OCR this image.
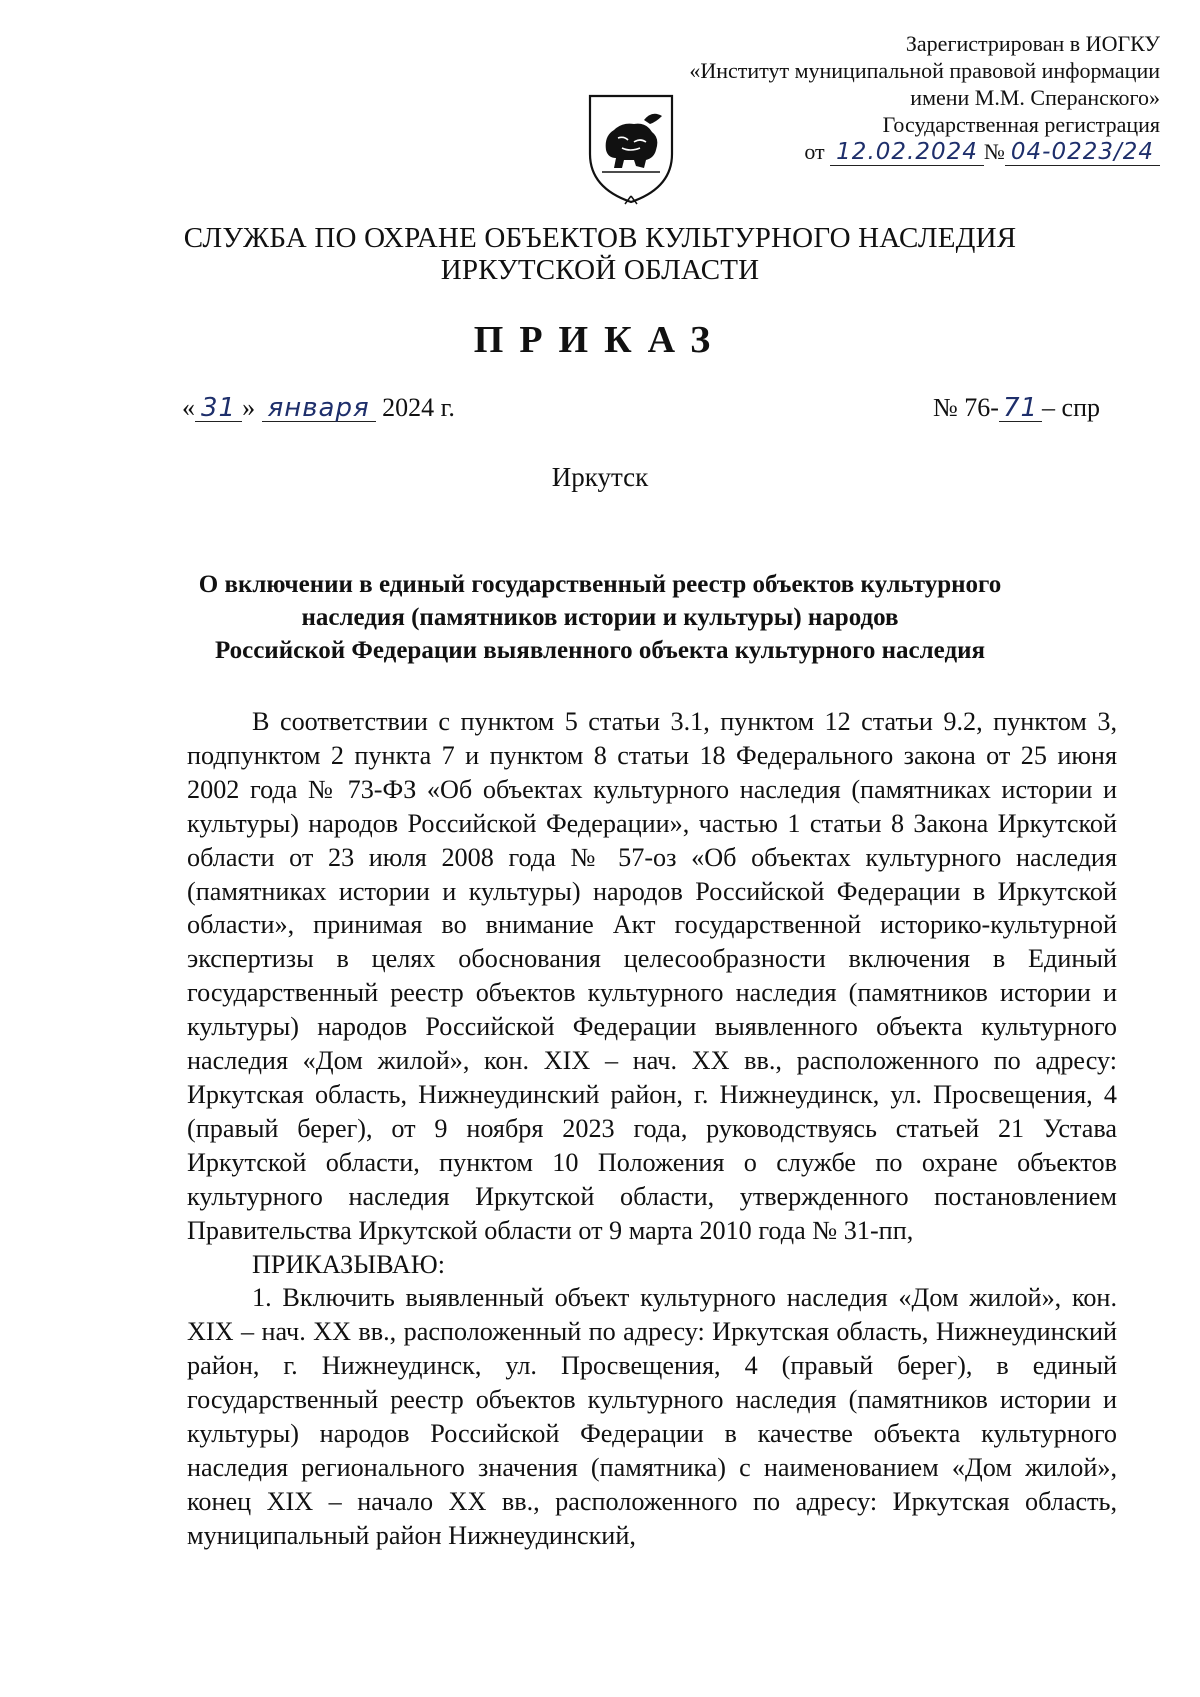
Зарегистрирован в ИОГКУ
«Институт муниципальной правовой информации
имени М.М. Сперанского»
Государственная регистрация
от 12.02.2024 № 04-0223/24
СЛУЖБА ПО ОХРАНЕ ОБЪЕКТОВ КУЛЬТУРНОГО НАСЛЕДИЯ
ИРКУТСКОЙ ОБЛАСТИ
ПРИКАЗ
« 31 » января 2024 г.	№ 76- 71 – спр
Иркутск
О включении в единый государственный реестр объектов культурного
наследия (памятников истории и культуры) народов
Российской Федерации выявленного объекта культурного наследия

В соответствии с пунктом 5 статьи 3.1, пунктом 12 статьи 9.2, пунктом 3, подпунктом 2 пункта 7 и пунктом 8 статьи 18 Федерального закона от 25 июня 2002 года № 73-ФЗ «Об объектах культурного наследия (памятниках истории и культуры) народов Российской Федерации», частью 1 статьи 8 Закона Иркутской области от 23 июля 2008 года № 57-оз «Об объектах культурного наследия (памятниках истории и культуры) народов Российской Федерации в Иркутской области», принимая во внимание Акт государственной историко-культурной экспертизы в целях обоснования целесообразности включения в Единый государственный реестр объектов культурного наследия (памятников истории и культуры) народов Российской Федерации выявленного объекта культурного наследия «Дом жилой», кон. XIX – нач. XX вв., расположенного по адресу: Иркутская область, Нижнеудинский район, г. Нижнеудинск, ул. Просвещения, 4 (правый берег), от 9 ноября 2023 года, руководствуясь статьей 21 Устава Иркутской области, пунктом 10 Положения о службе по охране объектов культурного наследия Иркутской области, утвержденного постановлением Правительства Иркутской области от 9 марта 2010 года № 31-пп,

ПРИКАЗЫВАЮ:

1. Включить выявленный объект культурного наследия «Дом жилой», кон. XIX – нач. XX вв., расположенный по адресу: Иркутская область, Нижнеудинский район, г. Нижнеудинск, ул. Просвещения, 4 (правый берег), в единый государственный реестр объектов культурного наследия (памятников истории и культуры) народов Российской Федерации в качестве объекта культурного наследия регионального значения (памятника) с наименованием «Дом жилой», конец XIX – начало XX вв., расположенного по адресу: Иркутская область, муниципальный район Нижнеудинский,
